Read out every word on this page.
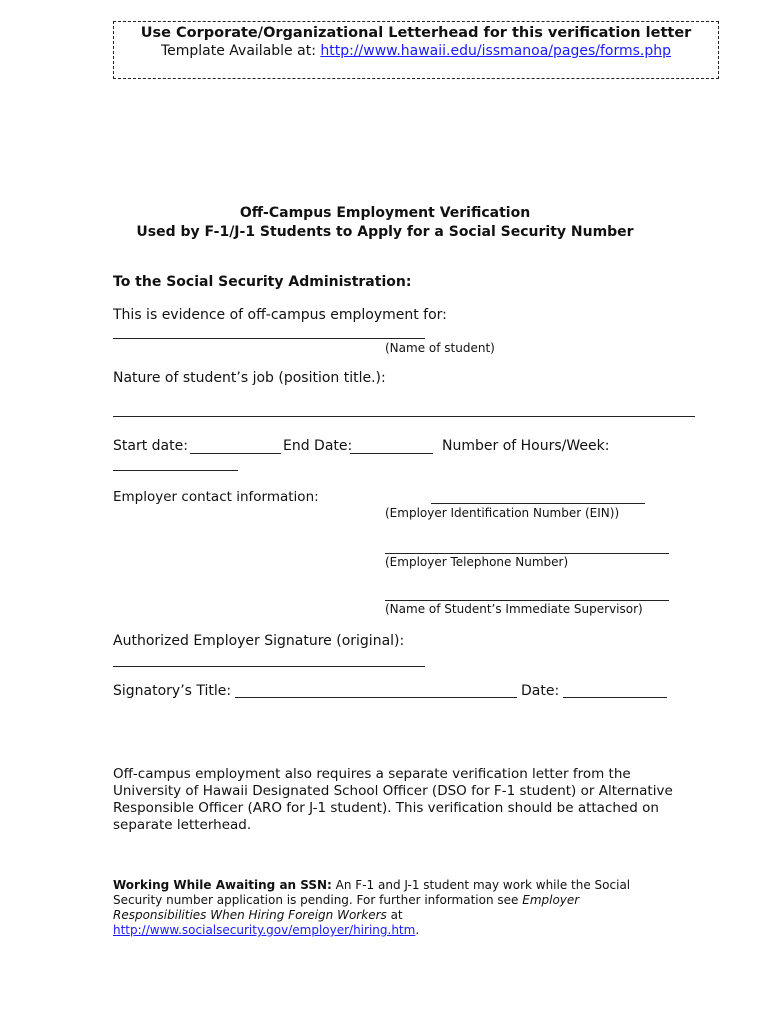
Use Corporate/Organizational Letterhead for this verification letter
Template Available at: http://www.hawaii.edu/issmanoa/pages/forms.php
Off-Campus Employment Verification
Used by F-1/J-1 Students to Apply for a Social Security Number
To the Social Security Administration:
This is evidence of off-campus employment for:
(Name of student)
Nature of student’s job (position title.):
Start date:	End Date:	Number of Hours/Week:
Employer contact information:
(Employer Identification Number (EIN))
(Employer Telephone Number)
(Name of Student’s Immediate Supervisor)
Authorized Employer Signature (original):
Signatory’s Title:	Date:
Off-campus employment also requires a separate verification letter from the University of Hawaii Designated School Officer (DSO for F-1 student) or Alternative Responsible Officer (ARO for J-1 student). This verification should be attached on separate letterhead.
Working While Awaiting an SSN: An F-1 and J-1 student may work while the Social Security number application is pending. For further information see Employer Responsibilities When Hiring Foreign Workers at http://www.socialsecurity.gov/employer/hiring.htm.
